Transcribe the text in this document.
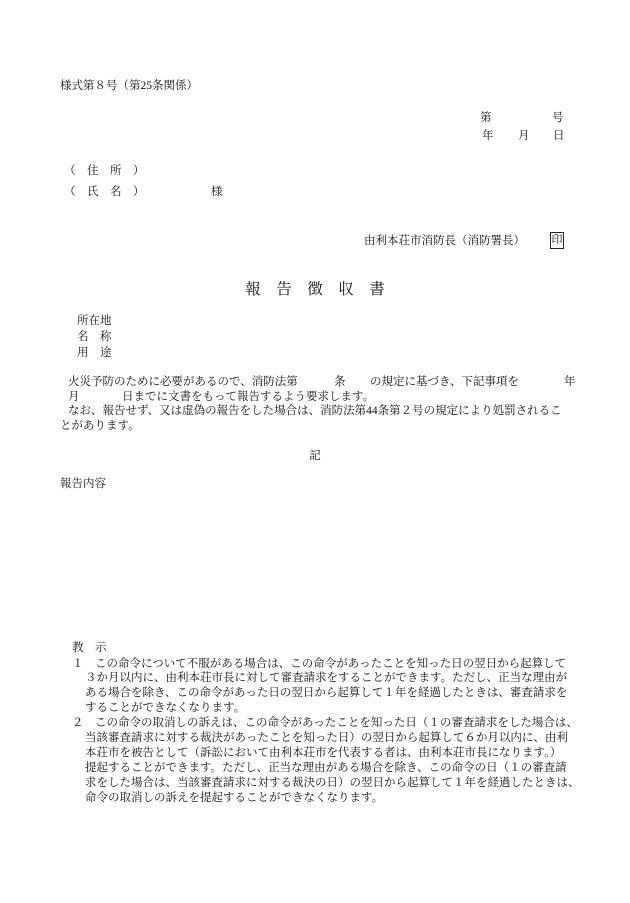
様式第８号（第25条関係）
第	号
年 月 日
（　住　所　）
（　氏　名　）	様
由利本荘市消防長（消防署長） 印
報　告　徴　収　書
所在地
名　称
用　途
火災予防のために必要があるので、消防法第	条 の規定に基づき、下記事項を	年
月	日までに文書をもって報告するよう要求します。
なお、報告せず、又は虚偽の報告をした場合は、消防法第44条第２号の規定により処罰されるこ
とがあります。
記
報告内容
教　示
１ この命令について不服がある場合は、この命令があったことを知った日の翌日から起算して
３か月以内に、由利本荘市長に対して審査請求をすることができます。ただし、正当な理由が
ある場合を除き、この命令があった日の翌日から起算して１年を経過したときは、審査請求を
することができなくなります。
２ この命令の取消しの訴えは、この命令があったことを知った日（１の審査請求をした場合は、
当該審査請求に対する裁決があったことを知った日）の翌日から起算して６か月以内に、由利
本荘市を被告として（訴訟において由利本荘市を代表する者は、由利本荘市長になります。）
提起することができます。ただし、正当な理由がある場合を除き、この命令の日（１の審査請
求をした場合は、当該審査請求に対する裁決の日）の翌日から起算して１年を経過したときは、
命令の取消しの訴えを提起することができなくなります。
